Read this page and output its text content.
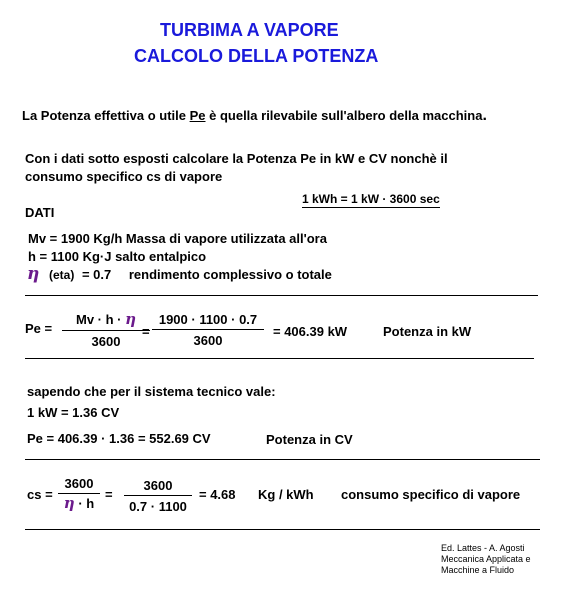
TURBIMA A VAPORE
CALCOLO DELLA POTENZA
La Potenza effettiva o utile Pe è quella rilevabile sull'albero della macchina.
Con i dati sotto esposti calcolare la Potenza Pe in kW e CV nonchè il
consumo specifico cs di vapore
1 kWh = 1 kW · 3600 sec
DATI
Mv = 1900 Kg/h Massa di vapore utilizzata all'ora
h = 1100 Kg·J salto entalpico
η (eta) = 0.7 rendimento complessivo o totale
Pe =
Mv · h · η
3600
=
1900 · 1100 · 0.7
3600
= 406.39 kW	Potenza in kW
sapendo che per il sistema tecnico vale:
1 kW = 1.36 CV
Pe = 406.39 · 1.36 = 552.69 CV	Potenza in CV
cs =
3600
η · h
=
3600
0.7 · 1100
= 4.68 Kg / kWh consumo specifico di vapore
Ed. Lattes - A. Agosti
Meccanica Applicata e
Macchine a Fluido
